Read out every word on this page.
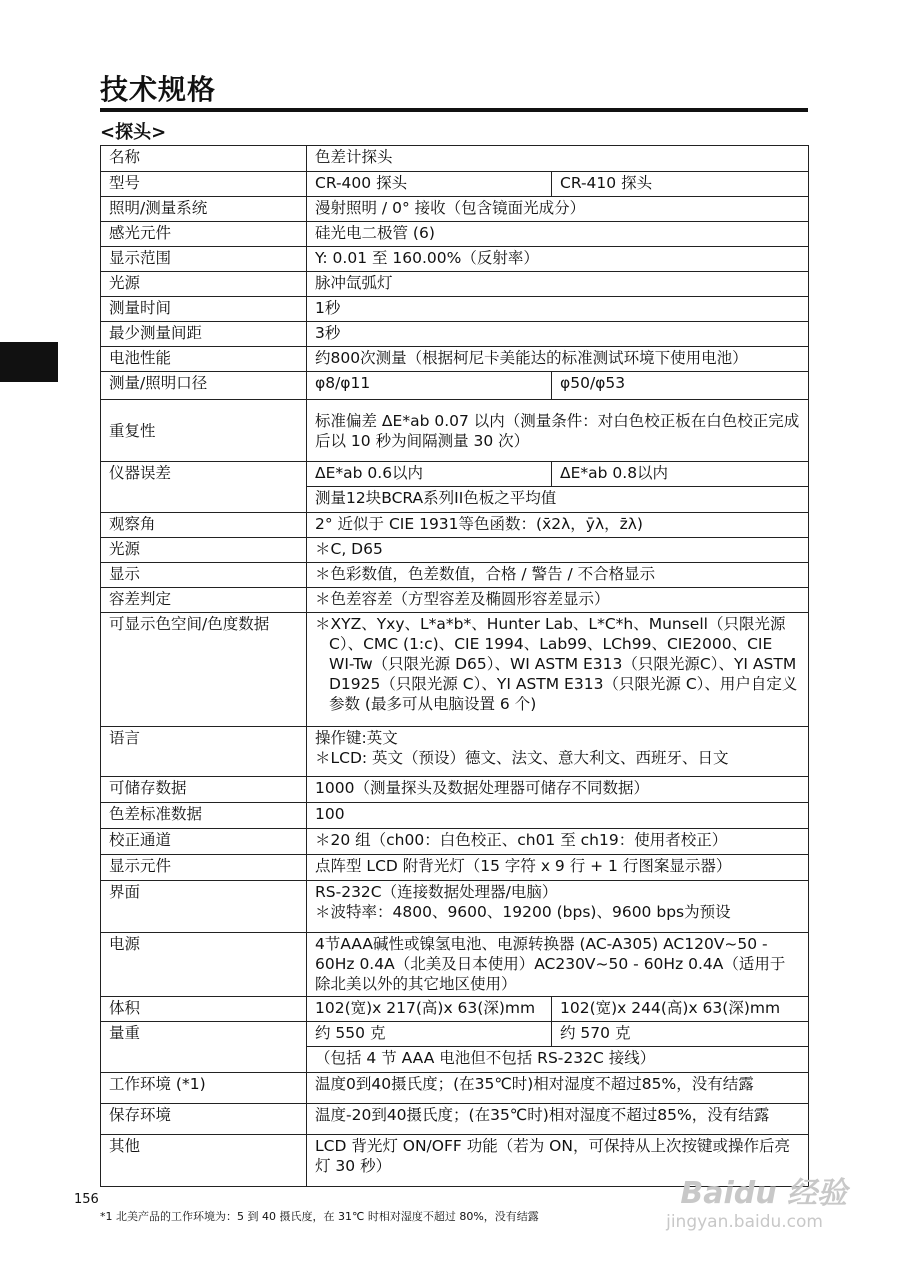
技术规格
<探头>
名称	色差计探头	
型号	CR-400 探头	CR-410 探头
照明/测量系统	漫射照明 / 0° 接收（包含镜面光成分）	
感光元件	硅光电二极管 (6)	
显示范围	Y: 0.01 至 160.00%（反射率）	
光源	脉冲氙弧灯	
测量时间	1秒	
最少测量间距	3秒	
电池性能	约800次测量（根据柯尼卡美能达的标准测试环境下使用电池）	
测量/照明口径	φ8/φ11	φ50/φ53
重复性	标准偏差 ΔE*ab 0.07 以内（测量条件：对白色校正板在白色校正完成后以 10 秒为间隔测量 30 次）	
仪器误差	ΔE*ab 0.6以内	ΔE*ab 0.8以内
	测量12块BCRA系列II色板之平均值	
观察角	2° 近似于 CIE 1931等色函数：(x̄2λ，ȳλ，z̄λ)	
光源	＊C, D65	
显示	＊色彩数值，色差数值，合格 / 警告 / 不合格显示	
容差判定	＊色差容差（方型容差及椭圆形容差显示）	
可显示色空间/色度数据	＊XYZ、Yxy、L*a*b*、Hunter Lab、L*C*h、Munsell（只限光源 C）、CMC (1:c)、CIE 1994、Lab99、LCh99、CIE2000、CIE WI-Tw（只限光源 D65）、WI ASTM E313（只限光源C）、YI ASTM D1925（只限光源 C）、YI ASTM E313（只限光源 C）、用户自定义参数 (最多可从电脑设置 6 个)	
语言	操作键:英文
＊LCD: 英文（预设）德文、法文、意大利文、西班牙、日文	

可储存数据	1000（测量探头及数据处理器可储存不同数据）	
色差标准数据	100	
校正通道	＊20 组（ch00：白色校正、ch01 至 ch19：使用者校正）	
显示元件	点阵型 LCD 附背光灯（15 字符 x 9 行 + 1 行图案显示器）	
界面	RS-232C（连接数据处理器/电脑）
＊波特率：4800、9600、19200 (bps)、9600 bps为预设	

电源	4节AAA碱性或镍氢电池、电源转换器 (AC-A305) AC120V~50 - 60Hz 0.4A（北美及日本使用）AC230V~50 - 60Hz 0.4A（适用于除北美以外的其它地区使用）	
体积	102(宽)x 217(高)x 63(深)mm	102(宽)x 244(高)x 63(深)mm
量重	约 550 克	约 570 克
	（包括 4 节 AAA 电池但不包括 RS-232C 接线）	
工作环境 (*1)	温度0到40摄氏度；(在35℃时)相对湿度不超过85%，没有结露	
保存环境	温度-20到40摄氏度；(在35℃时)相对湿度不超过85%，没有结露	
其他	LCD 背光灯 ON/OFF 功能（若为 ON，可保持从上次按键或操作后亮灯 30 秒）	
156
*1 北美产品的工作环境为：5 到 40 摄氏度，在 31℃ 时相对湿度不超过 80%，没有结露
Baidu 经验
jingyan.baidu.com
